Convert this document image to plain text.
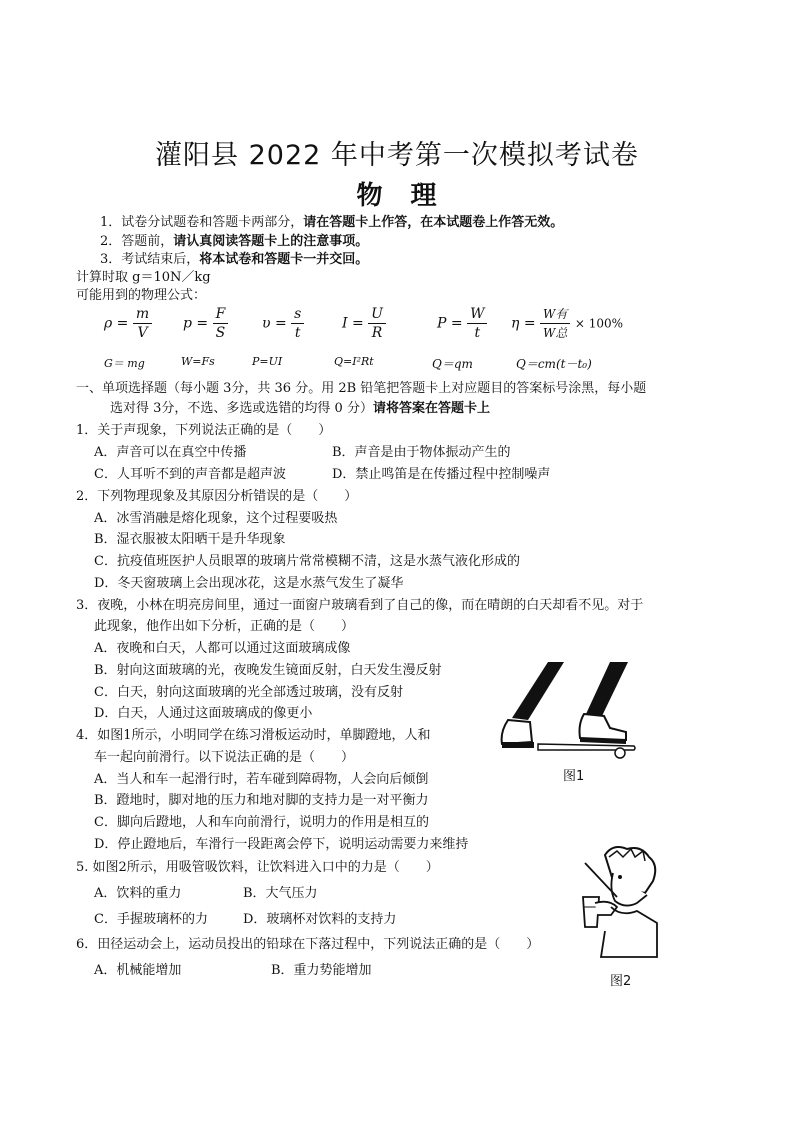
灌阳县 2022 年中考第一次模拟考试卷
物　理
1．试卷分试题卷和答题卡两部分，请在答题卡上作答，在本试题卷上作答无效。
2．答题前，请认真阅读答题卡上的注意事项。
3．考试结束后，将本试卷和答题卡一并交回。
计算时取 g＝10N／kg
可能用到的物理公式：
$\rho = \frac{m}{V}$ $p = \frac{F}{S}$ $\upsilon = \frac{s}{t}$	$I = \frac{U}{R}$	$P = \frac{W}{t}$ $\eta = \frac{\text{W有}}{\text{W总}} \times 100\%$
G＝ mg	W=Fs	P=UI	Q=I²Rt	Q＝qm	Q＝cm(t－t₀)
一、单项选择题（每小题 3分，共 36 分。用 2B 铅笔把答题卡上对应题目的答案标号涂黑，每小题
选对得 3分，不选、多选或选错的均得 0 分）请将答案在答题卡上
1．关于声现象，下列说法正确的是（　　）
A．声音可以在真空中传播	B．声音是由于物体振动产生的
C．人耳听不到的声音都是超声波	D．禁止鸣笛是在传播过程中控制噪声
2．下列物理现象及其原因分析错误的是（　　）
A．冰雪消融是熔化现象，这个过程要吸热
B．湿衣服被太阳晒干是升华现象
C．抗疫值班医护人员眼罩的玻璃片常常模糊不清，这是水蒸气液化形成的
D．冬天窗玻璃上会出现冰花，这是水蒸气发生了凝华
3．夜晚，小林在明亮房间里，通过一面窗户玻璃看到了自己的像，而在晴朗的白天却看不见。对于
此现象，他作出如下分析，正确的是（　　）
A．夜晚和白天，人都可以通过这面玻璃成像
B．射向这面玻璃的光，夜晚发生镜面反射，白天发生漫反射
C．白天，射向这面玻璃的光全部透过玻璃，没有反射
D．白天，人通过这面玻璃成的像更小
4．如图1所示，小明同学在练习滑板运动时，单脚蹬地，人和
车一起向前滑行。以下说法正确的是（　　）
A．当人和车一起滑行时，若车碰到障碍物，人会向后倾倒
B．蹬地时，脚对地的压力和地对脚的支持力是一对平衡力
C．脚向后蹬地，人和车向前滑行，说明力的作用是相互的
D．停止蹬地后，车滑行一段距离会停下，说明运动需要力来维持
5. 如图2所示，用吸管吸饮料，让饮料进入口中的力是（　　）
A．饮料的重力	B．大气压力
C．手握玻璃杯的力	D．玻璃杯对饮料的支持力
6．田径运动会上，运动员投出的铅球在下落过程中，下列说法正确的是（　　）
A．机械能增加	B．重力势能增加
图1
图2
